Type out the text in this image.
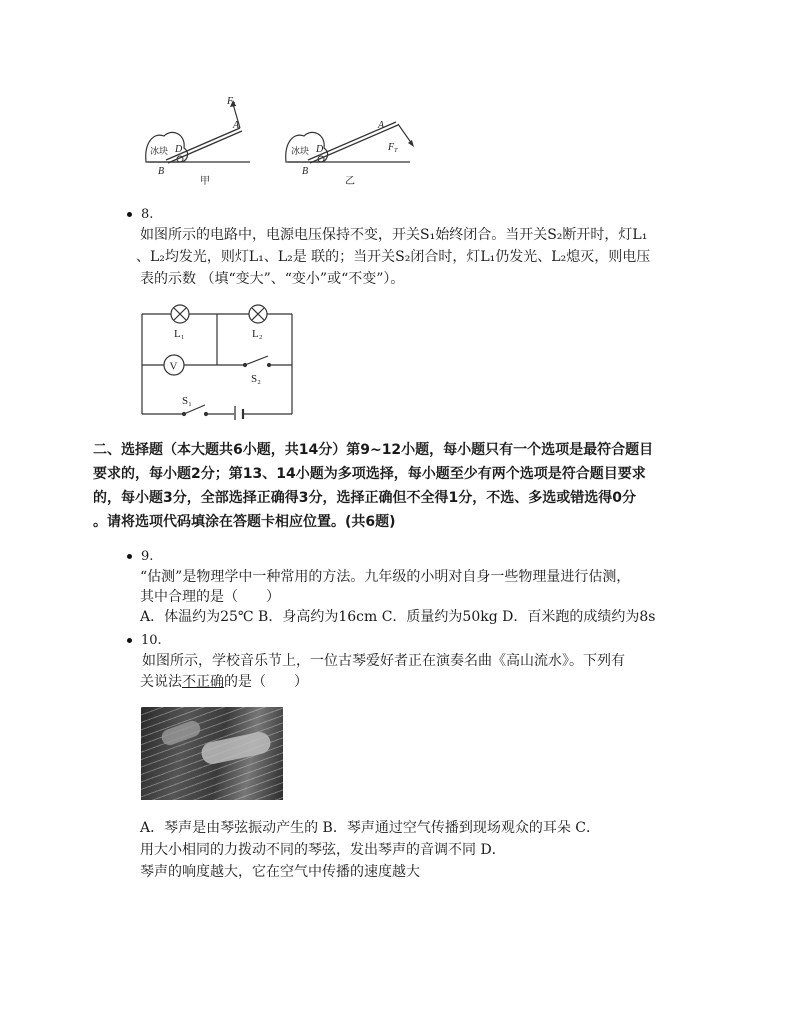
冰块
A
B
D
$F_L$
甲
冰块
A
B
D	$F_T$
乙
8.
如图所示的电路中，电源电压保持不变，开关S₁始终闭合。当开关S₂断开时，灯L₁
、L₂均发光，则灯L₁、L₂是 联的；当开关S₂闭合时，灯L₁仍发光、L₂熄灭，则电压
表的示数 （填“变大”、“变小”或“不变”）。
V
L₁	L₂
S₂
S₁
二、选择题（本大题共6小题，共14分）第9~12小题，每小题只有一个选项是最符合题目
要求的，每小题2分；第13、14小题为多项选择，每小题至少有两个选项是符合题目要求
的，每小题3分，全部选择正确得3分，选择正确但不全得1分，不选、多选或错选得0分
。请将选项代码填涂在答题卡相应位置。(共6题)
9.
“估测”是物理学中一种常用的方法。九年级的小明对自身一些物理量进行估测，
其中合理的是（　　）
A．体温约为25℃ B．身高约为16cm C．质量约为50kg D．百米跑的成绩约为8s
10.
如图所示，学校音乐节上，一位古琴爱好者正在演奏名曲《高山流水》。下列有
关说法不正确的是（　　）
A．琴声是由琴弦振动产生的 B．琴声通过空气传播到现场观众的耳朵 C．
用大小相同的力拨动不同的琴弦，发出琴声的音调不同 D．
琴声的响度越大，它在空气中传播的速度越大
